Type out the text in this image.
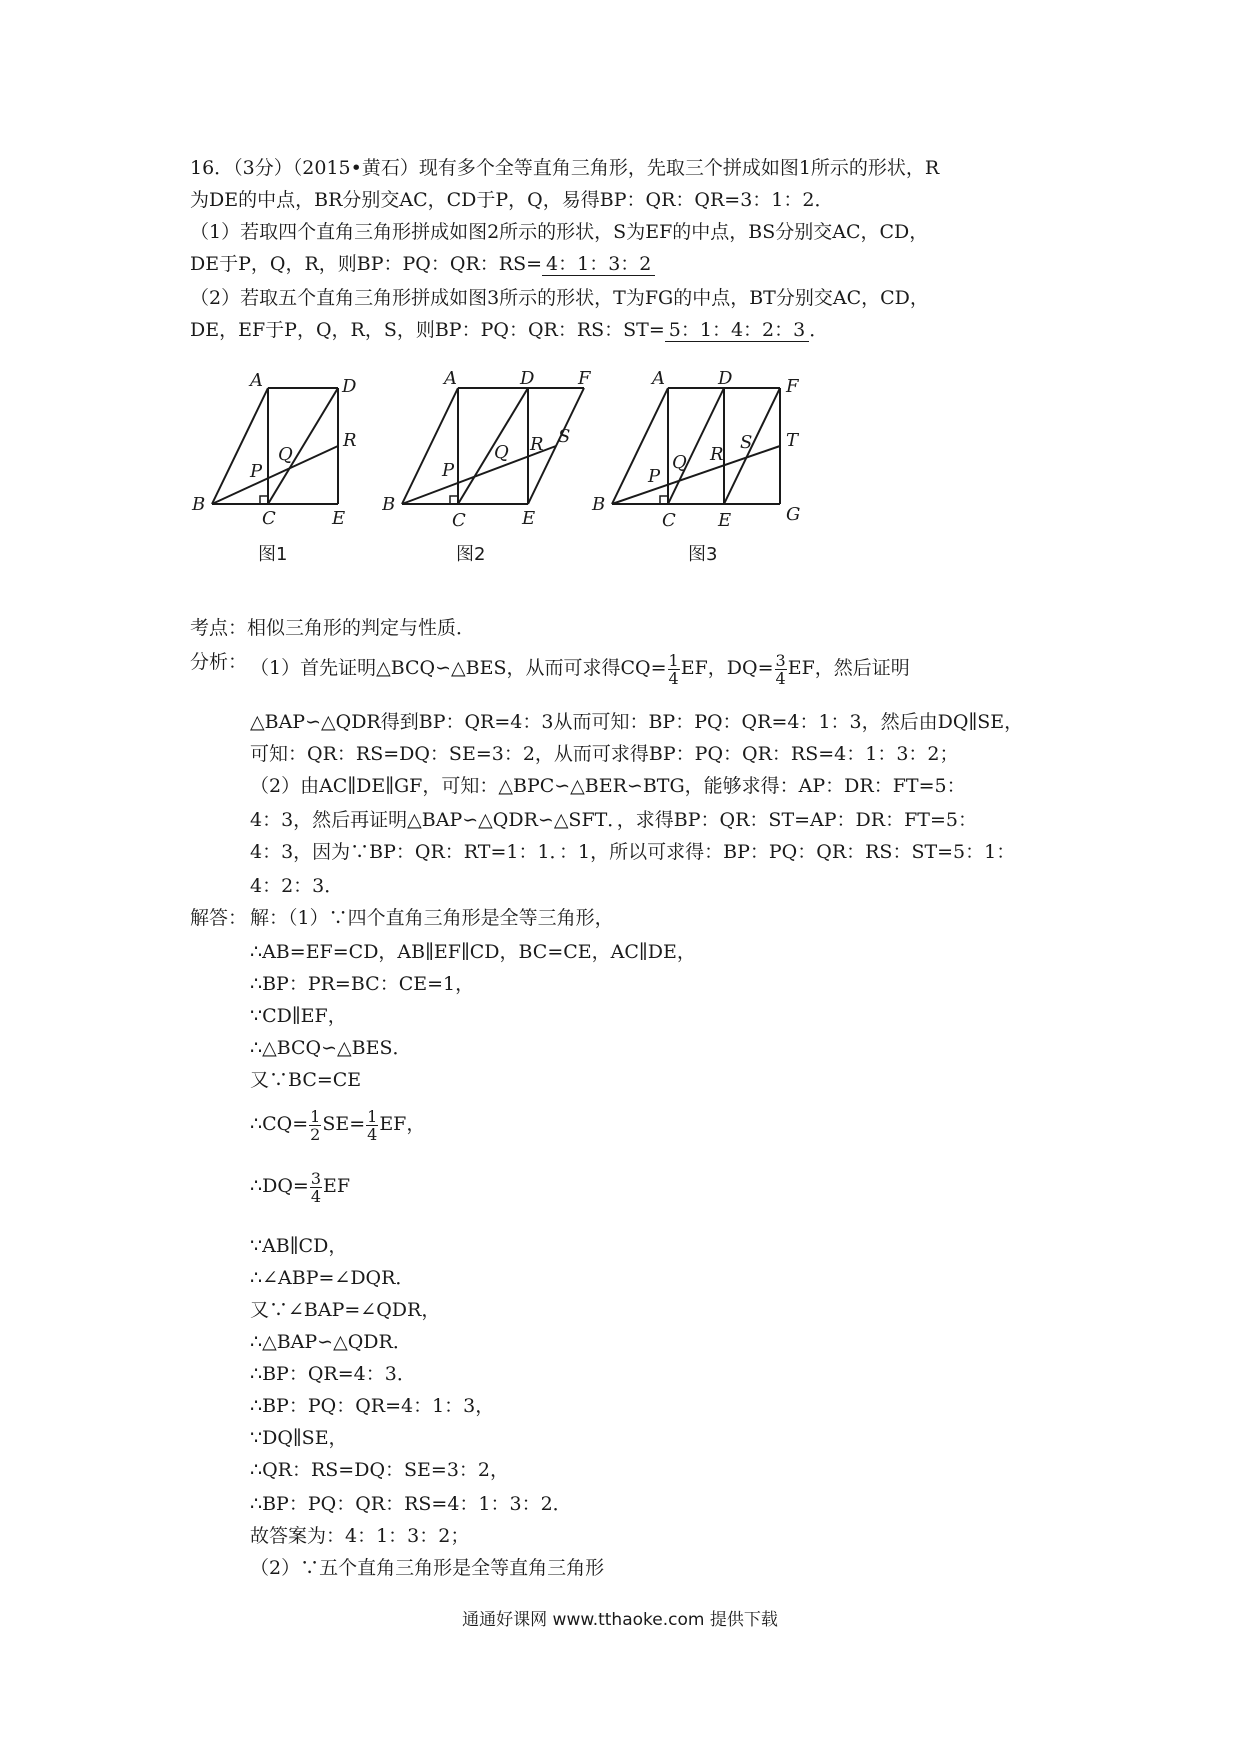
16．（3分）（2015•黄石）现有多个全等直角三角形，先取三个拼成如图1所示的形状，R
为DE的中点，BR分别交AC，CD于P，Q，易得BP：QR：QR=3：1：2．
（1）若取四个直角三角形拼成如图2所示的形状，S为EF的中点，BS分别交AC，CD，
DE于P，Q，R，则BP：PQ：QR：RS= 4：1：3：2
（2）若取五个直角三角形拼成如图3所示的形状，T为FG的中点，BT分别交AC，CD，
DE，EF于P，Q，R，S，则BP：PQ：QR：RS：ST= 5：1：4：2：3 ．
A	D
R
Q
P
B
C	E
图1
A	D F
S
R
Q
P
B
C	E
图2
A	D	F
T
S
R
Q
P
B
C E	G
图3
考点：相似三角形的判定与性质．
分析： （1）首先证明△BCQ∽△BES，从而可求得$CQ= \frac{1}{4}$ EF，$DQ= \frac{3}{4}$ EF，然后证明
△BAP∽△QDR得到BP：QR=4：3从而可知：BP：PQ：QR=4：1：3，然后由DQ∥SE，
可知：QR：RS=DQ：SE=3：2，从而可求得BP：PQ：QR：RS=4：1：3：2；
（2）由AC∥DE∥GF，可知：△BPC∽△BER∽BTG，能够求得：AP：DR：FT=5：
4：3，然后再证明△BAP∽△QDR∽△SFT．，求得BP：QR：ST=AP：DR：FT=5：
4：3，因为∵BP：QR：RT=1：1．：1，所以可求得：BP：PQ：QR：RS：ST=5：1：
4：2：3．
解答： 解：（1）∵四个直角三角形是全等三角形，
∴AB=EF=CD，AB∥EF∥CD，BC=CE，AC∥DE，
∴BP：PR=BC：CE=1，
∵CD∥EF，
∴△BCQ∽△BES．
又∵BC=CE
∴CQ= $\frac{1}{2} SE= \frac{1}{4}$ EF，
∴DQ= $\frac{3}{4}$ EF
∵AB∥CD，
∴∠ABP=∠DQR．
又∵∠BAP=∠QDR，
∴△BAP∽△QDR．
∴BP：QR=4：3．
∴BP：PQ：QR=4：1：3，
∵DQ∥SE，
∴QR：RS=DQ：SE=3：2，
∴BP：PQ：QR：RS=4：1：3：2．
故答案为：4：1：3：2；
（2）∵五个直角三角形是全等直角三角形
通通好课网 www.tthaoke.com 提供下载
